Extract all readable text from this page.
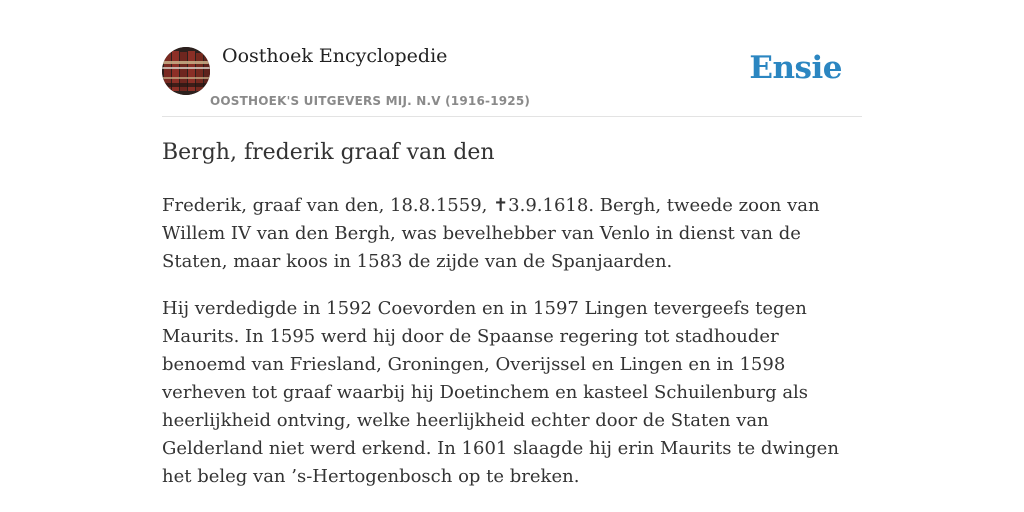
Oosthoek Encyclopedie
OOSTHOEK'S UITGEVERS MIJ. N.V (1916-1925)
Ensie
Bergh, frederik graaf van den

Frederik, graaf van den, 18.8.1559, ✝3.9.1618. Bergh, tweede zoon van Willem IV van den Bergh, was bevelhebber van Venlo in dienst van de Staten, maar koos in 1583 de zijde van de Spanjaarden.

Hij verdedigde in 1592 Coevorden en in 1597 Lingen tevergeefs tegen Maurits. In 1595 werd hij door de Spaanse regering tot stadhouder benoemd van Friesland, Groningen, Overijssel en Lingen en in 1598 verheven tot graaf waarbij hij Doetinchem en kasteel Schuilenburg als heerlijkheid ontving, welke heerlijkheid echter door de Staten van Gelderland niet werd erkend. In 1601 slaagde hij erin Maurits te dwingen het beleg van ’s-Hertogenbosch op te breken.
